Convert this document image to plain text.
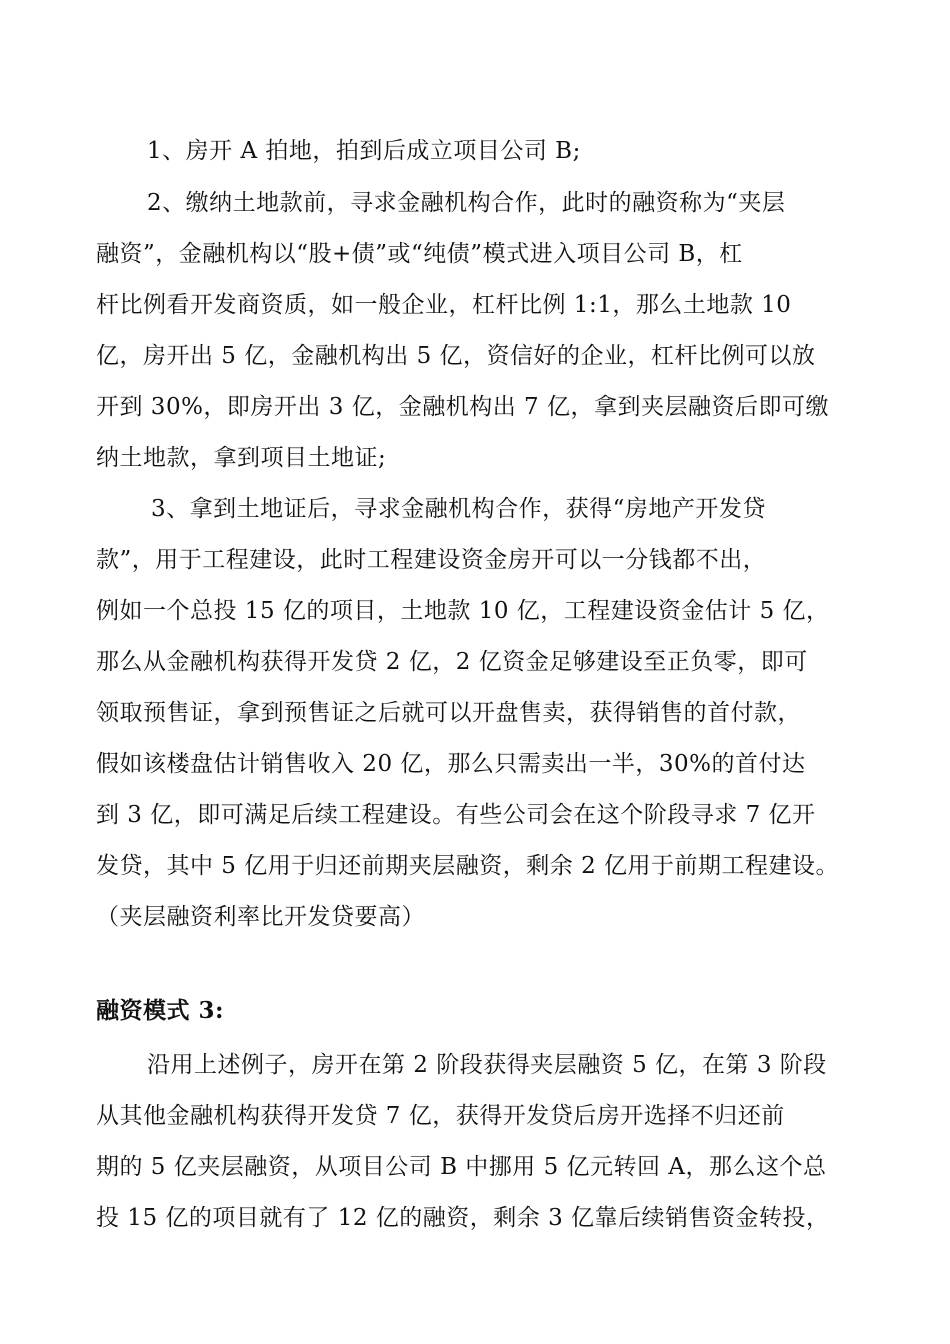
1、房开 A 拍地，拍到后成立项目公司 B;
2、缴纳土地款前，寻求金融机构合作，此时的融资称为“夹层
融资”，金融机构以“股+债”或“纯债”模式进入项目公司 B，杠
杆比例看开发商资质，如一般企业，杠杆比例 1:1，那么土地款 10
亿，房开出 5 亿，金融机构出 5 亿，资信好的企业，杠杆比例可以放
开到 30%，即房开出 3 亿，金融机构出 7 亿，拿到夹层融资后即可缴
纳土地款，拿到项目土地证;
3、拿到土地证后，寻求金融机构合作，获得“房地产开发贷
款”，用于工程建设，此时工程建设资金房开可以一分钱都不出，
例如一个总投 15 亿的项目，土地款 10 亿，工程建设资金估计 5 亿，
那么从金融机构获得开发贷 2 亿，2 亿资金足够建设至正负零，即可
领取预售证，拿到预售证之后就可以开盘售卖，获得销售的首付款，
假如该楼盘估计销售收入 20 亿，那么只需卖出一半，30%的首付达
到 3 亿，即可满足后续工程建设。有些公司会在这个阶段寻求 7 亿开
发贷，其中 5 亿用于归还前期夹层融资，剩余 2 亿用于前期工程建设。
（夹层融资利率比开发贷要高）
融资模式 3:
沿用上述例子，房开在第 2 阶段获得夹层融资 5 亿，在第 3 阶段
从其他金融机构获得开发贷 7 亿，获得开发贷后房开选择不归还前
期的 5 亿夹层融资，从项目公司 B 中挪用 5 亿元转回 A，那么这个总
投 15 亿的项目就有了 12 亿的融资，剩余 3 亿靠后续销售资金转投，
